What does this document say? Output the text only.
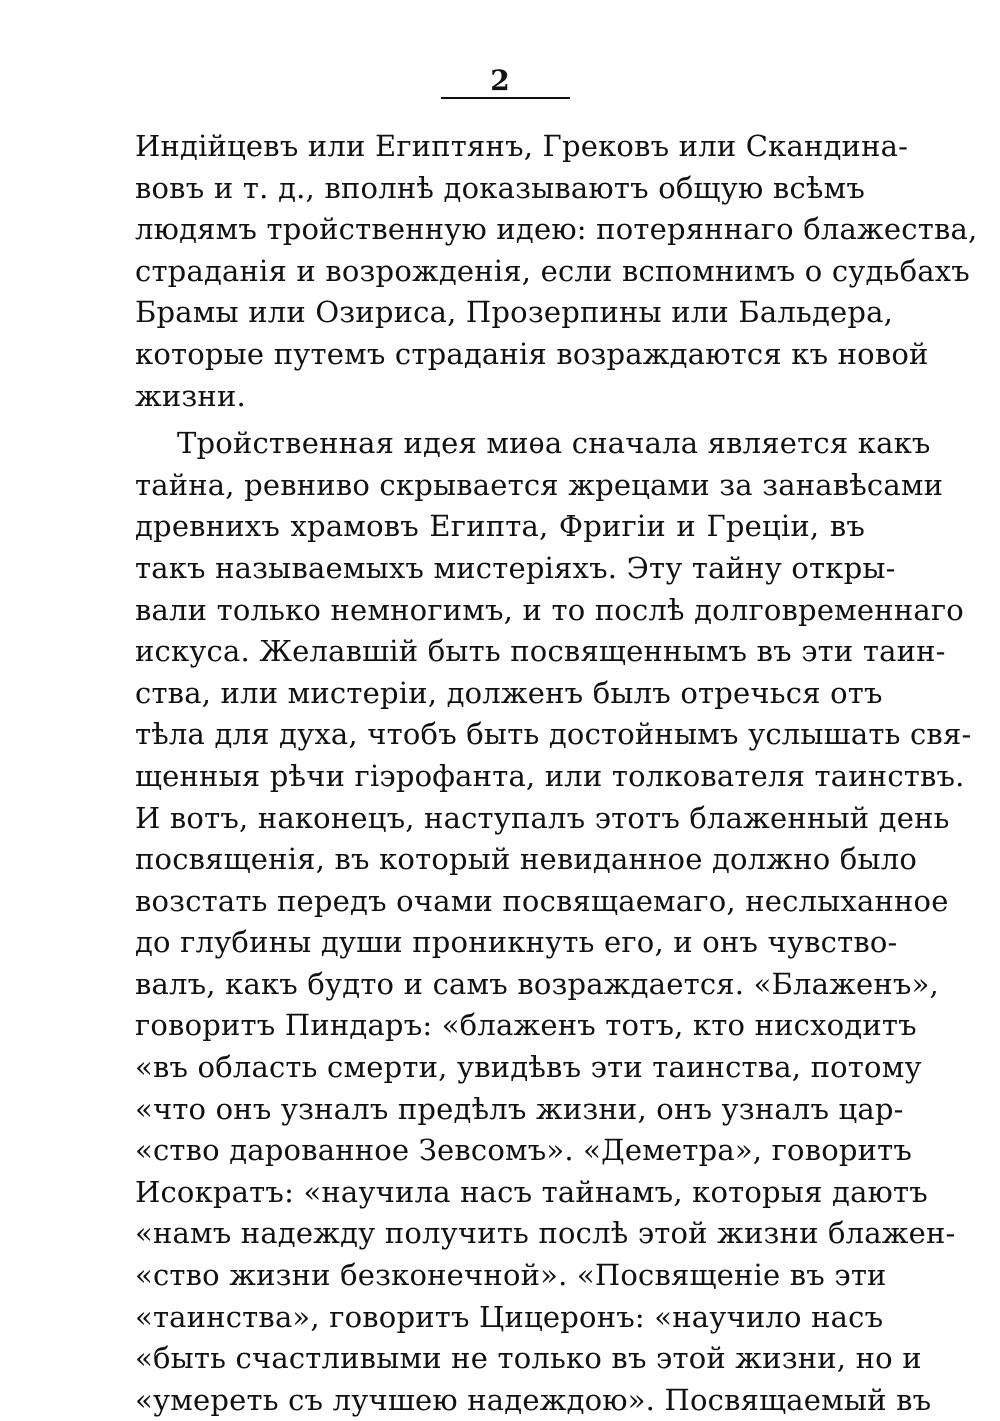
2
Индійцевъ или Египтянъ, Грековъ или Скандина-
вовъ и т. д., вполнѣ доказываютъ общую всѣмъ
людямъ тройственную идею: потеряннаго блажества,
страданія и возрожденія, если вспомнимъ о судьбахъ
Брамы или Озириса, Прозерпины или Бальдера,
которые путемъ страданія возраждаются къ новой
жизни.
Тройственная идея миѳа сначала является какъ
тайна, ревниво скрывается жрецами за занавѣсами
древнихъ храмовъ Египта, Фригіи и Греціи, въ
такъ называемыхъ мистеріяхъ. Эту тайну откры-
вали только немногимъ, и то послѣ долговременнаго
искуса. Желавшій быть посвященнымъ въ эти таин-
ства, или мистеріи, долженъ былъ отречься отъ
тѣла для духа, чтобъ быть достойнымъ услышать свя-
щенныя рѣчи гіэрофанта, или толкователя таинствъ.
И вотъ, наконецъ, наступалъ этотъ блаженный день
посвященія, въ который невиданное должно было
возстать передъ очами посвящаемаго, неслыханное
до глубины души проникнуть его, и онъ чувство-
валъ, какъ будто и самъ возраждается. «Блаженъ»,
говоритъ Пиндаръ: «блаженъ тотъ, кто нисходитъ
«въ область смерти, увидѣвъ эти таинства, потому
«что онъ узналъ предѣлъ жизни, онъ узналъ цар-
«ство дарованное Зевсомъ». «Деметра», говоритъ
Исократъ: «научила насъ тайнамъ, которыя даютъ
«намъ надежду получить послѣ этой жизни блажен-
«ство жизни безконечной». «Посвященіе въ эти
«таинства», говоритъ Цицеронъ: «научило насъ
«быть счастливыми не только въ этой жизни, но и
«умереть съ лучшею надеждою». Посвящаемый въ
